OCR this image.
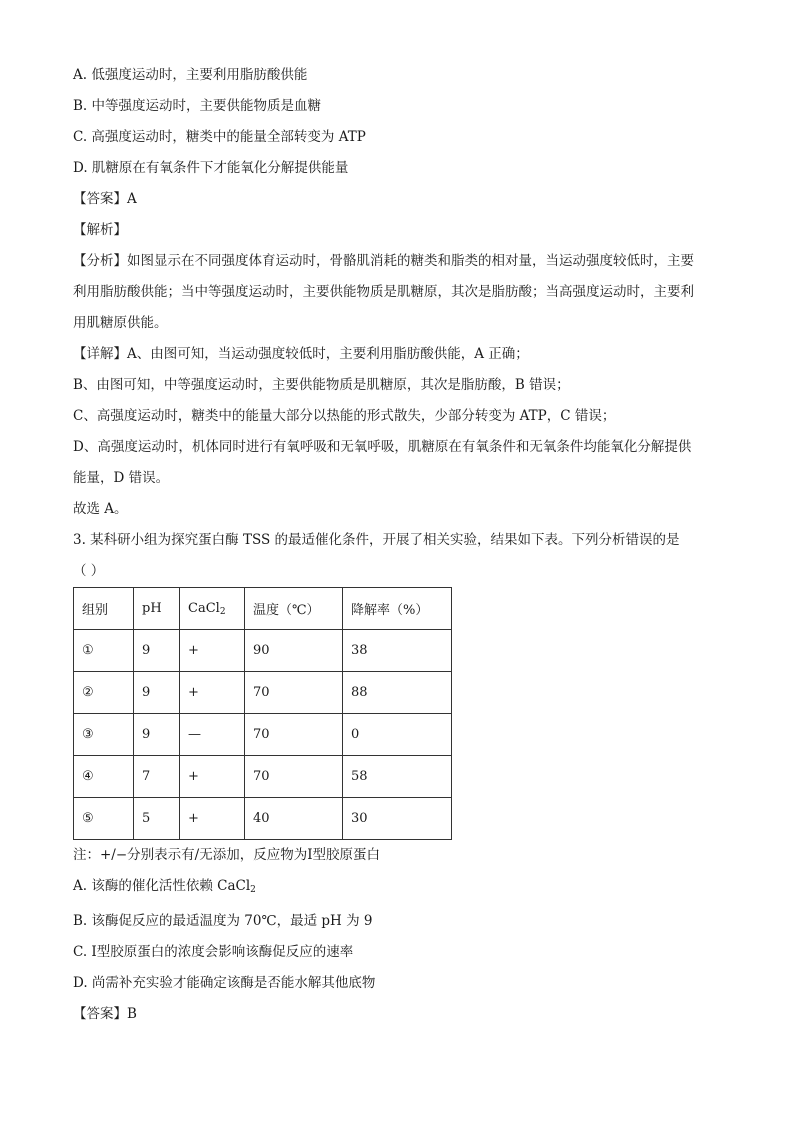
A. 低强度运动时，主要利用脂肪酸供能
B. 中等强度运动时，主要供能物质是血糖
C. 高强度运动时，糖类中的能量全部转变为 ATP
D. 肌糖原在有氧条件下才能氧化分解提供能量
【答案】A
【解析】
【分析】如图显示在不同强度体育运动时，骨骼肌消耗的糖类和脂类的相对量，当运动强度较低时，主要
利用脂肪酸供能；当中等强度运动时，主要供能物质是肌糖原，其次是脂肪酸；当高强度运动时，主要利
用肌糖原供能。
【详解】A、由图可知，当运动强度较低时，主要利用脂肪酸供能，A 正确；
B、由图可知，中等强度运动时，主要供能物质是肌糖原，其次是脂肪酸，B 错误；
C、高强度运动时，糖类中的能量大部分以热能的形式散失，少部分转变为 ATP，C 错误；
D、高强度运动时，机体同时进行有氧呼吸和无氧呼吸，肌糖原在有氧条件和无氧条件均能氧化分解提供
能量，D 错误。
故选 A。
3. 某科研小组为探究蛋白酶 TSS 的最适催化条件，开展了相关实验，结果如下表。下列分析错误的是
（ ）
组别	pH	CaCl$_2$	温度（℃）	降解率（%）
①	9	+	90	38
②	9	+	70	88
③	9	—	70	0
④	7	+	70	58
⑤	5	+	40	30
注：+/−分别表示有/无添加，反应物为Ⅰ型胶原蛋白
A. 该酶的催化活性依赖 CaCl$_2$
B. 该酶促反应的最适温度为 70℃，最适 pH 为 9
C. Ⅰ型胶原蛋白的浓度会影响该酶促反应的速率
D. 尚需补充实验才能确定该酶是否能水解其他底物
【答案】B
